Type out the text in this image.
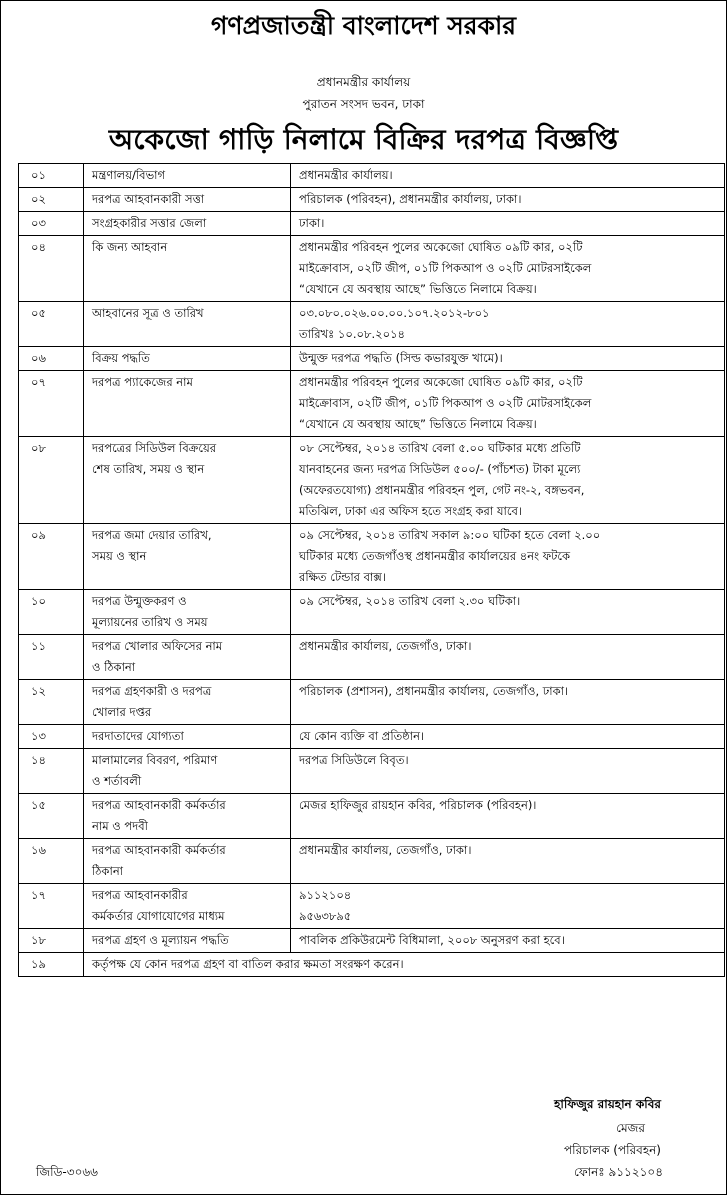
গণপ্রজাতন্ত্রী বাংলাদেশ সরকার
প্রধানমন্ত্রীর কার্যালয়
পুরাতন সংসদ ভবন, ঢাকা
অকেজো গাড়ি নিলামে বিক্রির দরপত্র বিজ্ঞপ্তি
০১	মন্ত্রণালয়/বিভাগ	প্রধানমন্ত্রীর কার্যালয়।

০২	দরপত্র আহবানকারী সত্তা	পরিচালক (পরিবহন), প্রধানমন্ত্রীর কার্যালয়, ঢাকা।

০৩	সংগ্রহকারীর সত্তার জেলা	ঢাকা।

০৪	কি জন্য আহবান	প্রধানমন্ত্রীর পরিবহন পুলের অকেজো ঘোষিত ০৯টি কার, ০২টি
মাইক্রোবাস, ০২টি জীপ, ০১টি পিকআপ ও ০২টি মোটরসাইকেল
“যেখানে যে অবস্থায় আছে” ভিত্তিতে নিলামে বিক্রয়।

০৫	আহবানের সূত্র ও তারিখ	০৩.০৮০.০২৬.০০.০০.১০৭.২০১২-৮০১
তারিখঃ ১০.০৮.২০১৪

০৬	বিক্রয় পদ্ধতি	উন্মুক্ত দরপত্র পদ্ধতি (সিল্ড কভারযুক্ত খামে)।

০৭	দরপত্র প্যাকেজের নাম	প্রধানমন্ত্রীর পরিবহন পুলের অকেজো ঘোষিত ০৯টি কার, ০২টি
মাইক্রোবাস, ০২টি জীপ, ০১টি পিকআপ ও ০২টি মোটরসাইকেল
“যেখানে যে অবস্থায় আছে” ভিত্তিতে নিলামে বিক্রয়।

০৮	দরপত্রের সিডিউল বিক্রয়ের
শেষ তারিখ, সময় ও স্থান	০৮ সেপ্টেম্বর, ২০১৪ তারিখ বেলা ৫.০০ ঘটিকার মধ্যে প্রতিটি
যানবাহনের জন্য দরপত্র সিডিউল ৫০০/- (পাঁচশত) টাকা মূল্যে
(অফেরতযোগ্য) প্রধানমন্ত্রীর পরিবহন পুল, গেট নং-২, বঙ্গভবন,
মতিঝিল, ঢাকা এর অফিস হতে সংগ্রহ করা যাবে।

০৯	দরপত্র জমা দেয়ার তারিখ,
সময় ও স্থান	০৯ সেপ্টেম্বর, ২০১৪ তারিখ সকাল ৯:০০ ঘটিকা হতে বেলা ২.০০
ঘটিকার মধ্যে তেজগাঁওস্থ প্রধানমন্ত্রীর কার্যালয়ের ৪নং ফটকে
রক্ষিত টেন্ডার বাক্স।

১০	দরপত্র উন্মুক্তকরণ ও
মূল্যায়নের তারিখ ও সময়	০৯ সেপ্টেম্বর, ২০১৪ তারিখ বেলা ২.৩০ ঘটিকা।

১১	দরপত্র খোলার অফিসের নাম
ও ঠিকানা	প্রধানমন্ত্রীর কার্যালয়, তেজগাঁও, ঢাকা।

১২	দরপত্র গ্রহণকারী ও দরপত্র
খোলার দপ্তর	পরিচালক (প্রশাসন), প্রধানমন্ত্রীর কার্যালয়, তেজগাঁও, ঢাকা।

১৩	দরদাতাদের যোগ্যতা	যে কোন ব্যক্তি বা প্রতিষ্ঠান।

১৪	মালামালের বিবরণ, পরিমাণ
ও শর্তাবলী	দরপত্র সিডিউলে বিবৃত।

১৫	দরপত্র আহবানকারী কর্মকর্তার
নাম ও পদবী	মেজর হাফিজুর রায়হান কবির, পরিচালক (পরিবহন)।

১৬	দরপত্র আহবানকারী কর্মকর্তার
ঠিকানা	প্রধানমন্ত্রীর কার্যালয়, তেজগাঁও, ঢাকা।

১৭	দরপত্র আহবানকারীর
কর্মকর্তার যোগাযোগের মাধ্যম	৯১১২১০৪
৯৫৬৩৮৯৫

১৮	দরপত্র গ্রহণ ও মূল্যায়ন পদ্ধতি	পাবলিক প্রকিউরমেন্ট বিধিমালা, ২০০৮ অনুসরণ করা হবে।

১৯	কর্তৃপক্ষ যে কোন দরপত্র গ্রহণ বা বাতিল করার ক্ষমতা সংরক্ষণ করেন।	
হাফিজুর রায়হান কবির
মেজর
পরিচালক (পরিবহন)
ফোনঃ ৯১১২১০৪
জিডি-৩০৬৬
